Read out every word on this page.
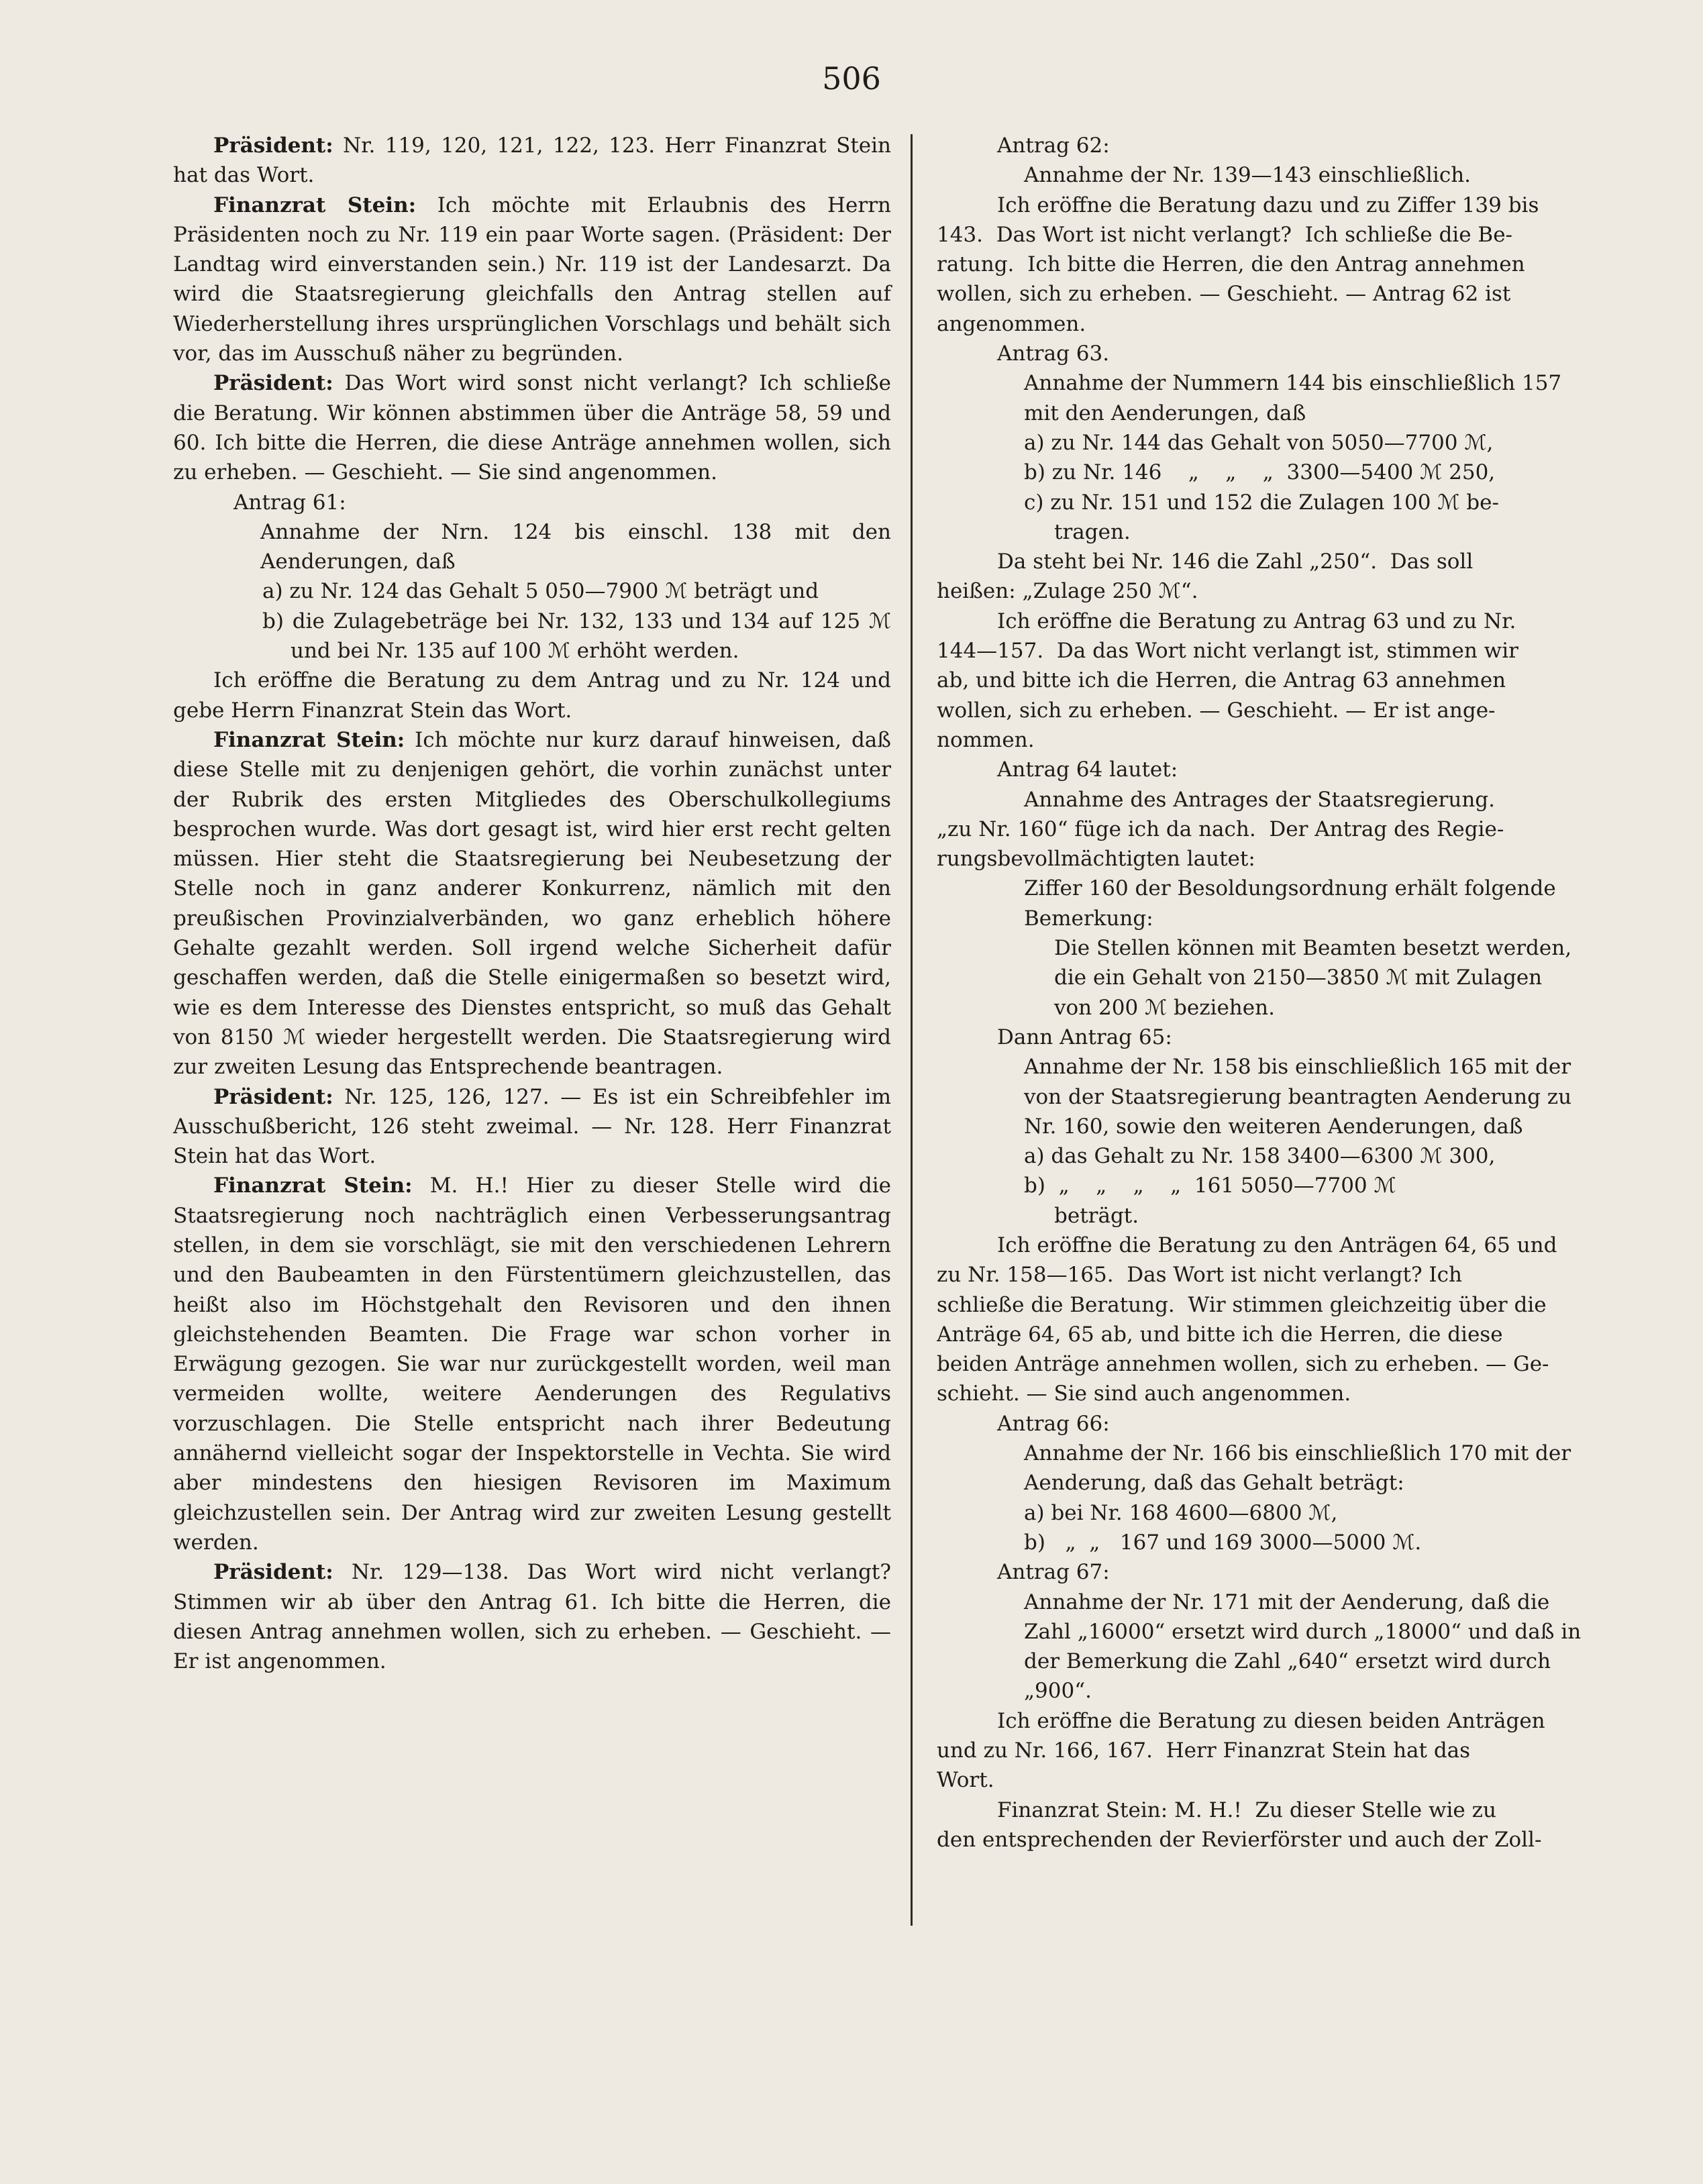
506

Präsident: Nr. 119, 120, 121, 122, 123. Herr Finanzrat Stein hat das Wort.

Finanzrat Stein: Ich möchte mit Erlaubnis des Herrn Präsidenten noch zu Nr. 119 ein paar Worte sagen. (Präsident: Der Landtag wird einverstanden sein.) Nr. 119 ist der Landesarzt. Da wird die Staatsregierung gleichfalls den Antrag stellen auf Wiederherstellung ihres ursprünglichen Vorschlags und behält sich vor, das im Ausschuß näher zu begründen.

Präsident: Das Wort wird sonst nicht verlangt? Ich schließe die Beratung. Wir können abstimmen über die Anträge 58, 59 und 60. Ich bitte die Herren, die diese Anträge annehmen wollen, sich zu erheben. — Geschieht. — Sie sind angenommen.

Antrag 61:

Annahme der Nrn. 124 bis einschl. 138 mit den Aenderungen, daß

a) zu Nr. 124 das Gehalt 5 050—7900 ℳ beträgt und

b) die Zulagebeträge bei Nr. 132, 133 und 134 auf 125 ℳ und bei Nr. 135 auf 100 ℳ erhöht werden.

Ich eröffne die Beratung zu dem Antrag und zu Nr. 124 und gebe Herrn Finanzrat Stein das Wort.

Finanzrat Stein: Ich möchte nur kurz darauf hinweisen, daß diese Stelle mit zu denjenigen gehört, die vorhin zunächst unter der Rubrik des ersten Mitgliedes des Oberschulkollegiums besprochen wurde. Was dort gesagt ist, wird hier erst recht gelten müssen. Hier steht die Staatsregierung bei Neubesetzung der Stelle noch in ganz anderer Konkurrenz, nämlich mit den preußischen Provinzialverbänden, wo ganz erheblich höhere Gehalte gezahlt werden. Soll irgend welche Sicherheit dafür geschaffen werden, daß die Stelle einigermaßen so besetzt wird, wie es dem Interesse des Dienstes entspricht, so muß das Gehalt von 8150 ℳ wieder hergestellt werden. Die Staatsregierung wird zur zweiten Lesung das Entsprechende beantragen.

Präsident: Nr. 125, 126, 127. — Es ist ein Schreibfehler im Ausschußbericht, 126 steht zweimal. — Nr. 128. Herr Finanzrat Stein hat das Wort.

Finanzrat Stein: M. H.! Hier zu dieser Stelle wird die Staatsregierung noch nachträglich einen Verbesserungsantrag stellen, in dem sie vorschlägt, sie mit den verschiedenen Lehrern und den Baubeamten in den Fürstentümern gleichzustellen, das heißt also im Höchstgehalt den Revisoren und den ihnen gleichstehenden Beamten. Die Frage war schon vorher in Erwägung gezogen. Sie war nur zurückgestellt worden, weil man vermeiden wollte, weitere Aenderungen des Regulativs vorzuschlagen. Die Stelle entspricht nach ihrer Bedeutung annähernd vielleicht sogar der Inspektorstelle in Vechta. Sie wird aber mindestens den hiesigen Revisoren im Maximum gleichzustellen sein. Der Antrag wird zur zweiten Lesung gestellt werden.

Präsident: Nr. 129—138. Das Wort wird nicht verlangt? Stimmen wir ab über den Antrag 61. Ich bitte die Herren, die diesen Antrag annehmen wollen, sich zu erheben. — Geschieht. — Er ist angenommen.

Antrag 62:
Annahme der Nr. 139—143 einschließlich.
Ich eröffne die Beratung dazu und zu Ziffer 139 bis
143.  Das Wort ist nicht verlangt?  Ich schließe die Be-
ratung.  Ich bitte die Herren, die den Antrag annehmen
wollen, sich zu erheben. — Geschieht. — Antrag 62 ist
angenommen.
Antrag 63.
Annahme der Nummern 144 bis einschließlich 157
mit den Aenderungen, daß
a) zu Nr. 144 das Gehalt von 5050—7700 ℳ,
b) zu Nr. 146    „    „    „  3300—5400 ℳ 250,
c) zu Nr. 151 und 152 die Zulagen 100 ℳ be-
tragen.
Da steht bei Nr. 146 die Zahl „250“.  Das soll
heißen: „Zulage 250 ℳ“.
Ich eröffne die Beratung zu Antrag 63 und zu Nr.
144—157.  Da das Wort nicht verlangt ist, stimmen wir
ab, und bitte ich die Herren, die Antrag 63 annehmen
wollen, sich zu erheben. — Geschieht. — Er ist ange-
nommen.
Antrag 64 lautet:
Annahme des Antrages der Staatsregierung.
„zu Nr. 160“ füge ich da nach.  Der Antrag des Regie-
rungsbevollmächtigten lautet:
Ziffer 160 der Besoldungsordnung erhält folgende
Bemerkung:
Die Stellen können mit Beamten besetzt werden,
die ein Gehalt von 2150—3850 ℳ mit Zulagen
von 200 ℳ beziehen.
Dann Antrag 65:
Annahme der Nr. 158 bis einschließlich 165 mit der
von der Staatsregierung beantragten Aenderung zu
Nr. 160, sowie den weiteren Aenderungen, daß
a) das Gehalt zu Nr. 158 3400—6300 ℳ 300,
b)  „    „    „    „  161 5050—7700 ℳ
beträgt.
Ich eröffne die Beratung zu den Anträgen 64, 65 und
zu Nr. 158—165.  Das Wort ist nicht verlangt? Ich
schließe die Beratung.  Wir stimmen gleichzeitig über die
Anträge 64, 65 ab, und bitte ich die Herren, die diese
beiden Anträge annehmen wollen, sich zu erheben. — Ge-
schieht. — Sie sind auch angenommen.
Antrag 66:
Annahme der Nr. 166 bis einschließlich 170 mit der
Aenderung, daß das Gehalt beträgt:
a) bei Nr. 168 4600—6800 ℳ,
b)   „  „   167 und 169 3000—5000 ℳ.
Antrag 67:
Annahme der Nr. 171 mit der Aenderung, daß die
Zahl „16000“ ersetzt wird durch „18000“ und daß in
der Bemerkung die Zahl „640“ ersetzt wird durch
„900“.
Ich eröffne die Beratung zu diesen beiden Anträgen
und zu Nr. 166, 167.  Herr Finanzrat Stein hat das
Wort.
Finanzrat Stein: M. H.!  Zu dieser Stelle wie zu
den entsprechenden der Revierförster und auch der Zoll-
